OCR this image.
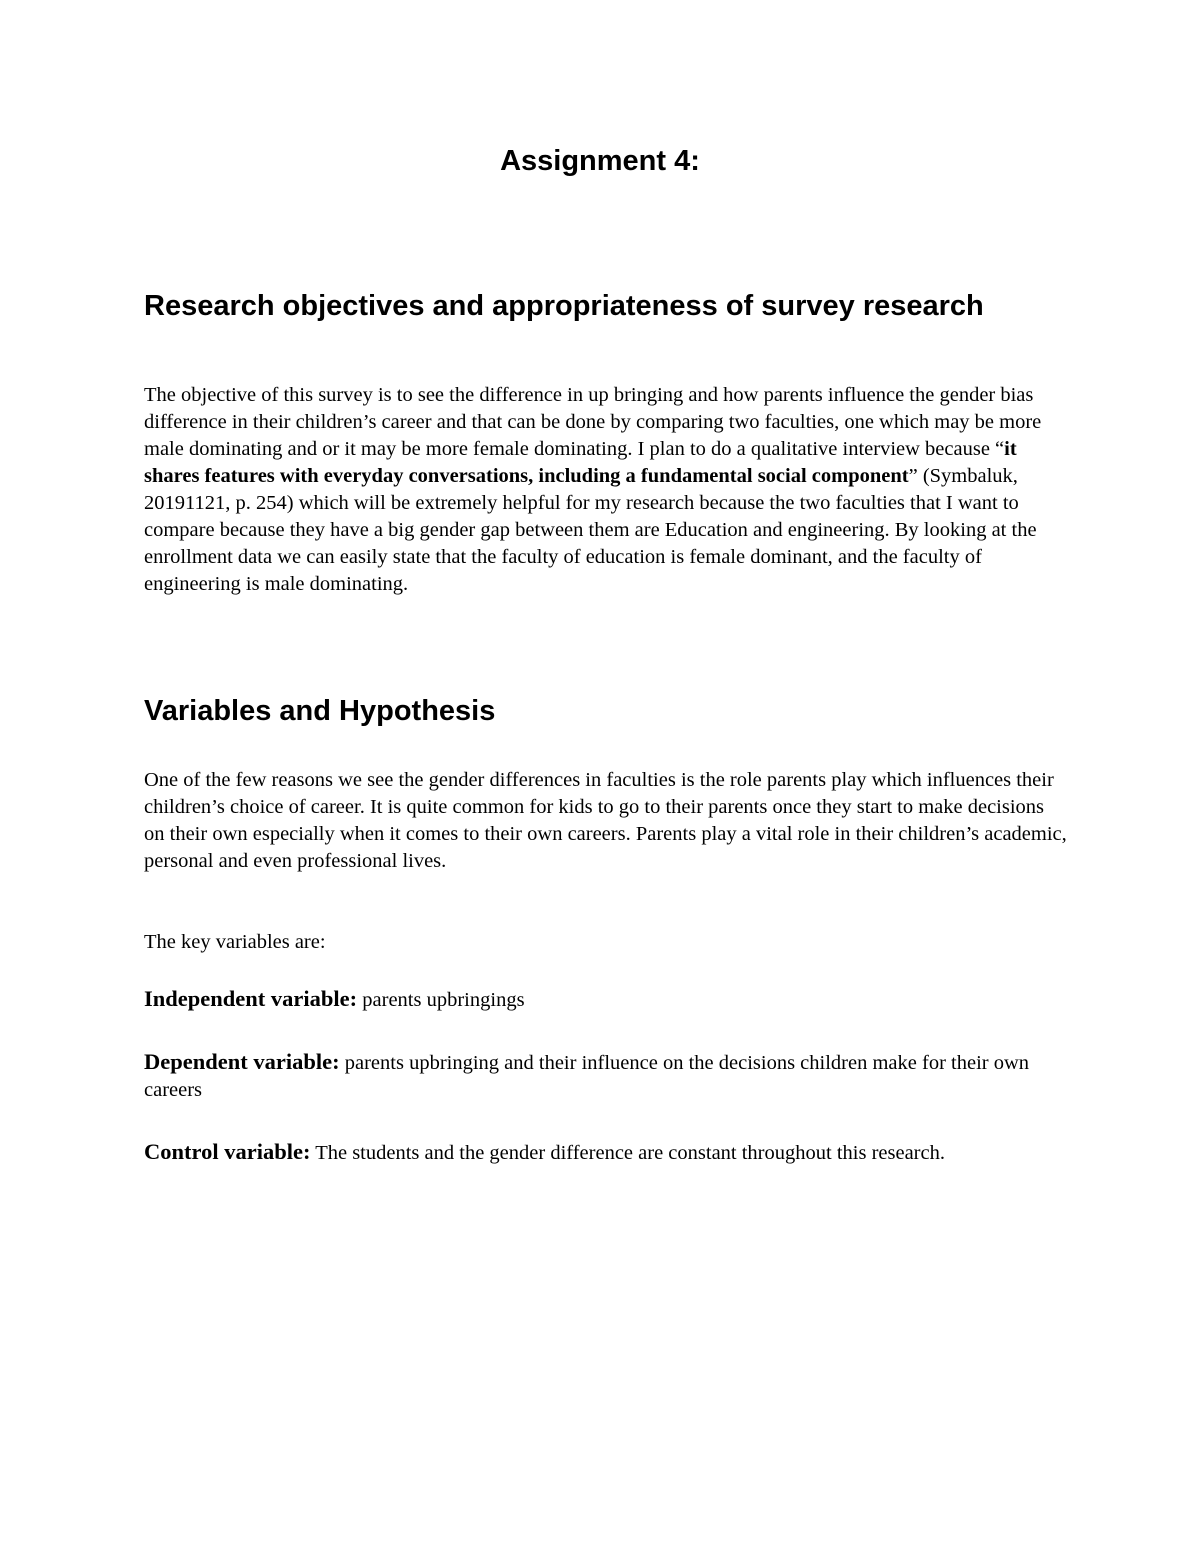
Assignment 4:
Research objectives and appropriateness of survey research

The objective of this survey is to see the difference in up bringing and how parents influence the gender bias difference in their children’s career and that can be done by comparing two faculties, one which may be more male dominating and or it may be more female dominating. I plan to do a qualitative interview because “it shares features with everyday conversations, including a fundamental social component” (Symbaluk, 20191121, p. 254) which will be extremely helpful for my research because the two faculties that I want to compare because they have a big gender gap between them are Education and engineering. By looking at the enrollment data we can easily state that the faculty of education is female dominant, and the faculty of engineering is male dominating.

Variables and Hypothesis

One of the few reasons we see the gender differences in faculties is the role parents play which influences their children’s choice of career. It is quite common for kids to go to their parents once they start to make decisions on their own especially when it comes to their own careers. Parents play a vital role in their children’s academic, personal and even professional lives.

The key variables are:

Independent variable: parents upbringings

Dependent variable: parents upbringing and their influence on the decisions children make for their own careers

Control variable: The students and the gender difference are constant throughout this research.
